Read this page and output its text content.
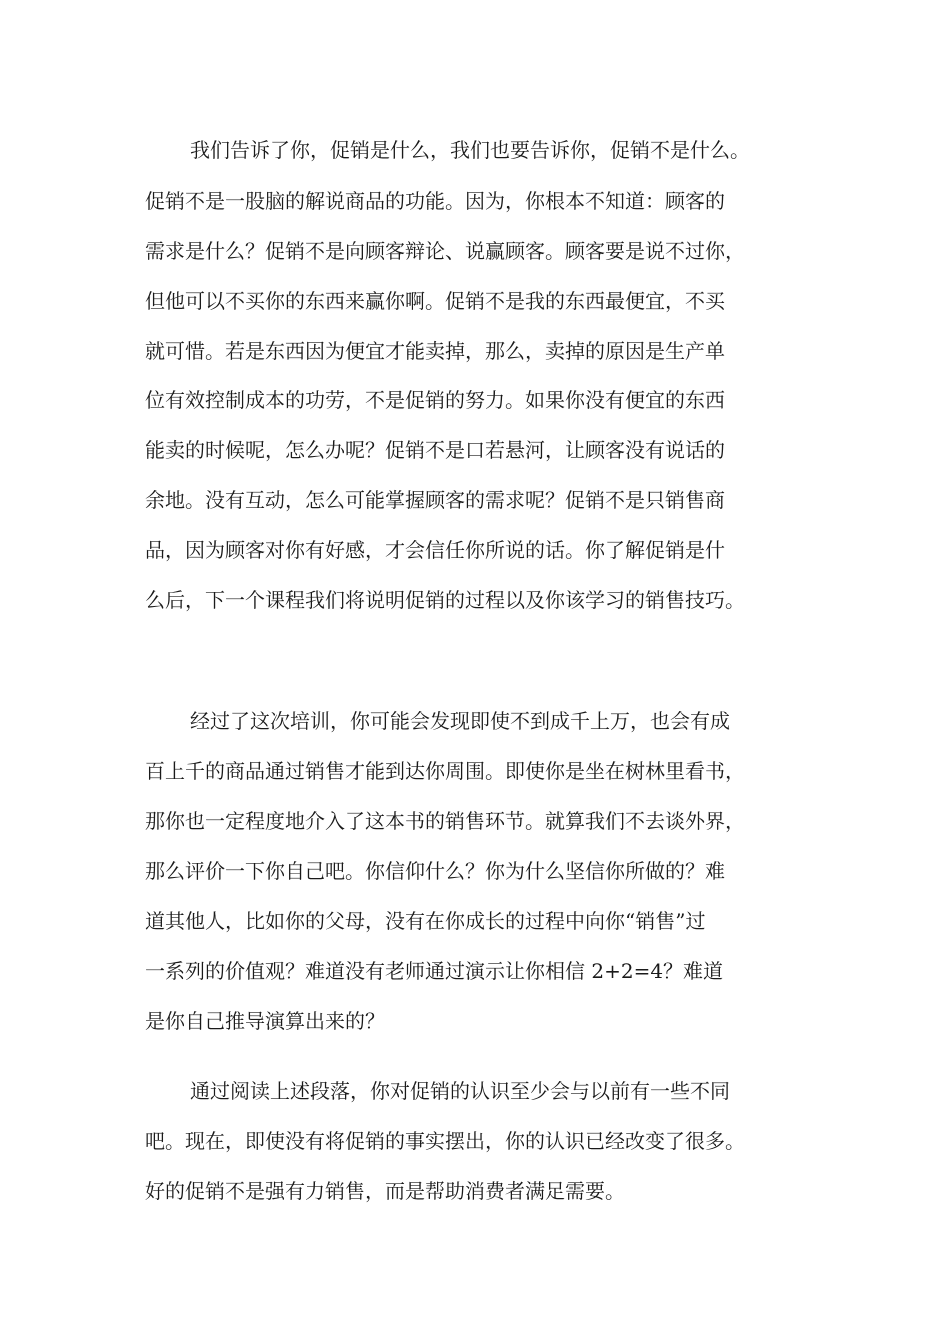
我们告诉了你，促销是什么，我们也要告诉你，促销不是什么。

促销不是一股脑的解说商品的功能。因为，你根本不知道：顾客的

需求是什么？促销不是向顾客辩论、说赢顾客。顾客要是说不过你，

但他可以不买你的东西来赢你啊。促销不是我的东西最便宜，不买

就可惜。若是东西因为便宜才能卖掉，那么，卖掉的原因是生产单

位有效控制成本的功劳，不是促销的努力。如果你没有便宜的东西

能卖的时候呢，怎么办呢？促销不是口若悬河，让顾客没有说话的

余地。没有互动，怎么可能掌握顾客的需求呢？促销不是只销售商

品，因为顾客对你有好感，才会信任你所说的话。你了解促销是什

么后，下一个课程我们将说明促销的过程以及你该学习的销售技巧。

经过了这次培训，你可能会发现即使不到成千上万，也会有成

百上千的商品通过销售才能到达你周围。即使你是坐在树林里看书，

那你也一定程度地介入了这本书的销售环节。就算我们不去谈外界，

那么评价一下你自己吧。你信仰什么？你为什么坚信你所做的？难

道其他人，比如你的父母，没有在你成长的过程中向你“销售”过

一系列的价值观？难道没有老师通过演示让你相信 2+2=4？难道

是你自己推导演算出来的？

通过阅读上述段落，你对促销的认识至少会与以前有一些不同

吧。现在，即使没有将促销的事实摆出，你的认识已经改变了很多。

好的促销不是强有力销售，而是帮助消费者满足需要。
